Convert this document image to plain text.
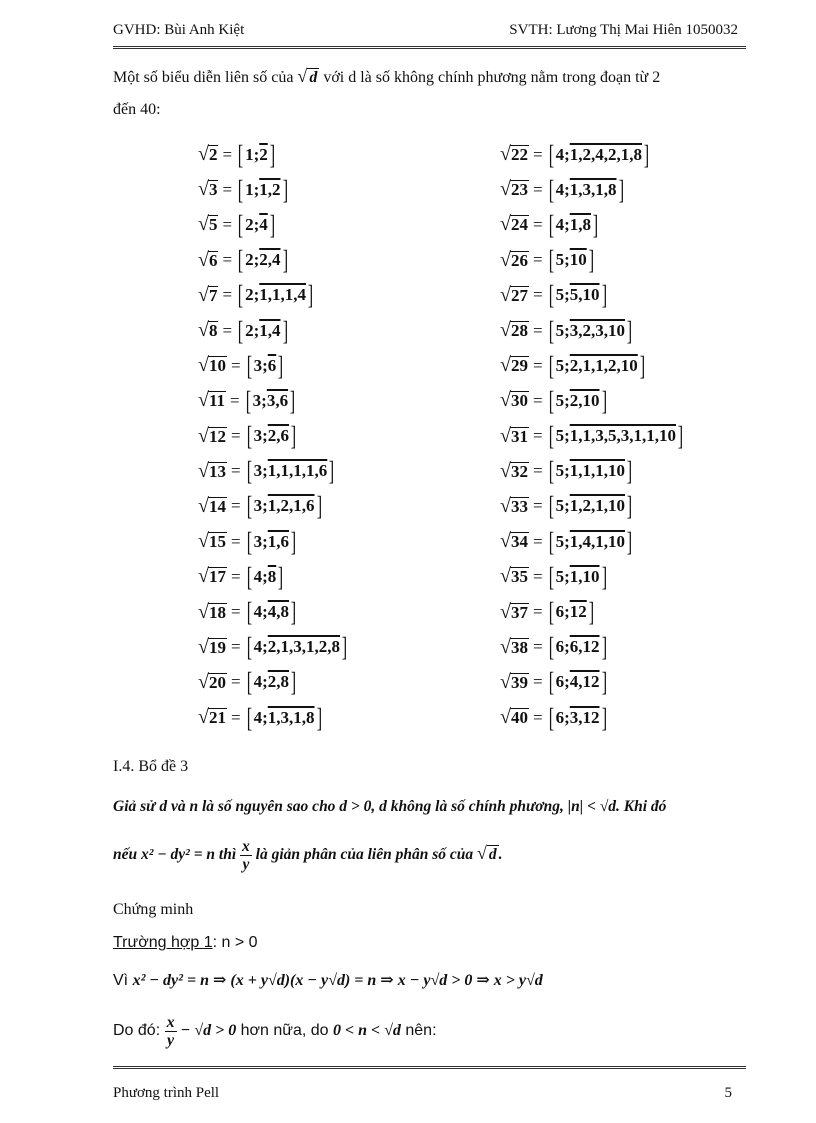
GVHD: Bùi Anh Kiệt	SVTH: Lương Thị Mai Hiên 1050032
Một số biểu diễn liên số của √ d với d là số không chính phương nằm trong đoạn từ 2
đến 40:
√ 2 = [ 1 ; 2 ]
√ 3 = [ 1 ; 1,2 ]
√ 5 = [ 2 ; 4 ]
√ 6 = [ 2 ; 2,4 ]
√ 7 = [ 2 ; 1,1,1,4 ]
√ 8 = [ 2 ; 1,4 ]
√ 10 = [ 3 ; 6 ]
√ 11 = [ 3 ; 3,6 ]
√ 12 = [ 3 ; 2,6 ]
√ 13 = [ 3 ; 1,1,1,1,6 ]
√ 14 = [ 3 ; 1,2,1,6 ]
√ 15 = [ 3 ; 1,6 ]
√ 17 = [ 4 ; 8 ]
√ 18 = [ 4 ; 4,8 ]
√ 19 = [ 4 ; 2,1,3,1,2,8 ]
√ 20 = [ 4 ; 2,8 ]
√ 21 = [ 4 ; 1,3,1,8 ]
√ 22 = [ 4 ; 1,2,4,2,1,8 ]
√ 23 = [ 4 ; 1,3,1,8 ]
√ 24 = [ 4 ; 1,8 ]
√ 26 = [ 5 ; 10 ]
√ 27 = [ 5 ; 5,10 ]
√ 28 = [ 5 ; 3,2,3,10 ]
√ 29 = [ 5 ; 2,1,1,2,10 ]
√ 30 = [ 5 ; 2,10 ]
√ 31 = [ 5 ; 1,1,3,5,3,1,1,10 ]
√ 32 = [ 5 ; 1,1,1,10 ]
√ 33 = [ 5 ; 1,2,1,10 ]
√ 34 = [ 5 ; 1,4,1,10 ]
√ 35 = [ 5 ; 1,10 ]
√ 37 = [ 6 ; 12 ]
√ 38 = [ 6 ; 6,12 ]
√ 39 = [ 6 ; 4,12 ]
√ 40 = [ 6 ; 3,12 ]
I.4. Bổ đề 3
Giả sử d và n là số nguyên sao cho d > 0, d không là số chính phương, |n| < √d. Khi đó
nếu x² − dy² = n thì $\frac{x}{y}$ là giản phân của liên phân số của √ d .
Chứng minh
Trường hợp 1: n > 0
Vì x² − dy² = n ⇒ (x + y√d)(x − y√d) = n ⇒ x − y√d > 0 ⇒ x > y√d
Do đó: $\frac{x}{y} - √d > 0$ hơn nữa, do 0 < n < √d nên:
Phương trình Pell	5
